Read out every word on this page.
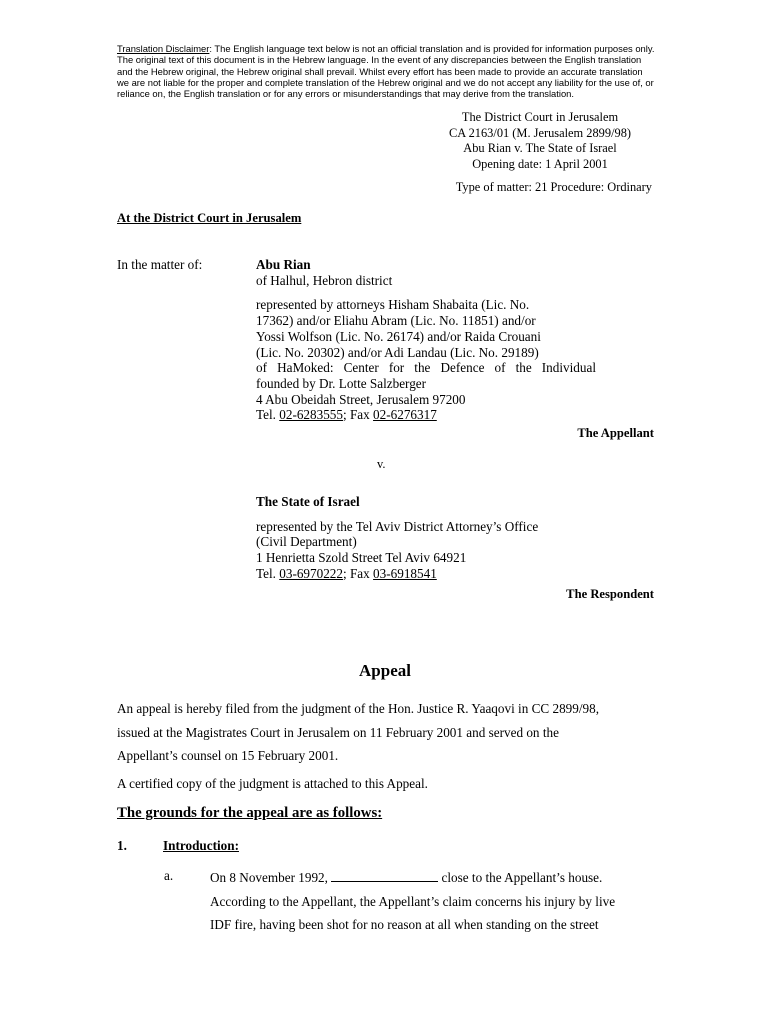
Translation Disclaimer: The English language text below is not an official translation and is provided for information purposes only. The original text of this document is in the Hebrew language. In the event of any discrepancies between the English translation and the Hebrew original, the Hebrew original shall prevail. Whilst every effort has been made to provide an accurate translation we are not liable for the proper and complete translation of the Hebrew original and we do not accept any liability for the use of, or reliance on, the English translation or for any errors or misunderstandings that may derive from the translation.
The District Court in Jerusalem
CA 2163/01 (M. Jerusalem 2899/98)
Abu Rian v. The State of Israel
Opening date: 1 April 2001
Type of matter: 21 Procedure: Ordinary
At the District Court in Jerusalem
In the matter of:	Abu Rian
of Halhul, Hebron district
represented by attorneys Hisham Shabaita (Lic. No.
17362) and/or Eliahu Abram (Lic. No. 11851) and/or
Yossi Wolfson (Lic. No. 26174) and/or Raida Crouani
(Lic. No. 20302) and/or Adi Landau (Lic. No. 29189)
of HaMoked: Center for the Defence of the Individual
founded by Dr. Lotte Salzberger
4 Abu Obeidah Street, Jerusalem 97200
Tel. 02-6283555; Fax 02-6276317
The Appellant
v.
The State of Israel
represented by the Tel Aviv District Attorney’s Office
(Civil Department)
1 Henrietta Szold Street Tel Aviv 64921
Tel. 03-6970222; Fax 03-6918541
The Respondent
Appeal
An appeal is hereby filed from the judgment of the Hon. Justice R. Yaaqovi in CC 2899/98,
issued at the Magistrates Court in Jerusalem on 11 February 2001 and served on the
Appellant’s counsel on 15 February 2001.
A certified copy of the judgment is attached to this Appeal.
The grounds for the appeal are as follows:
1.	Introduction:
a.	On 8 November 1992,	close to the Appellant’s house.
According to the Appellant, the Appellant’s claim concerns his injury by live
IDF fire, having been shot for no reason at all when standing on the street
